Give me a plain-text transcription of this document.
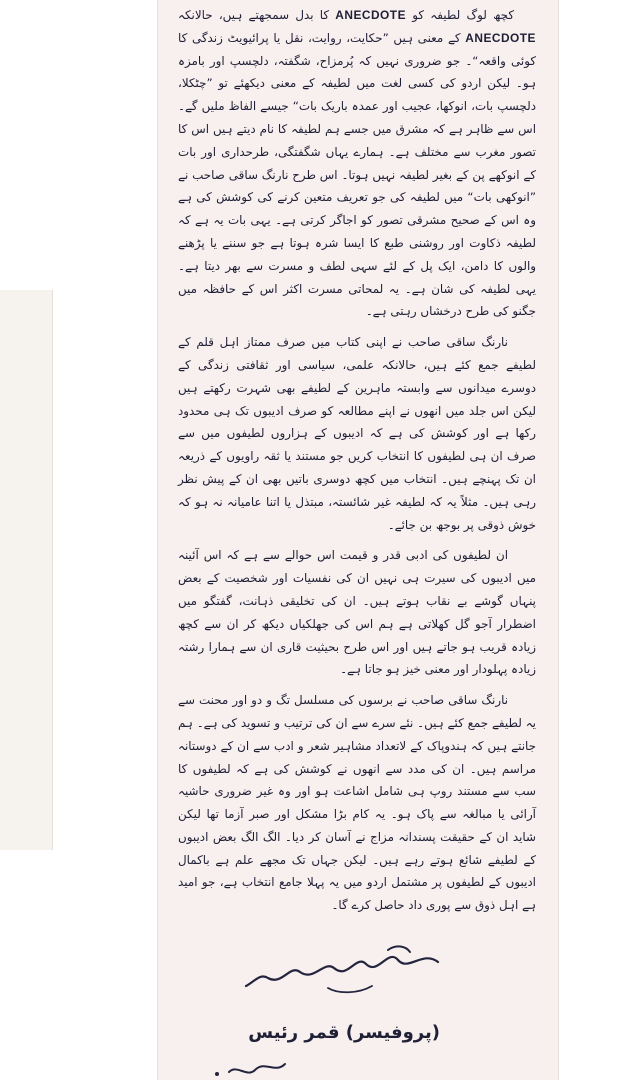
کچھ لوگ لطیفہ کو ANECDOTE کا بدل سمجھتے ہیں، حالانکہ ANECDOTE کے معنی ہیں ”حکایت، روایت، نقل یا پرائیویٹ زندگی کا کوئی واقعہ“۔ جو ضروری نہیں کہ پُرمزاح، شگفتہ، دلچسپ اور بامزہ ہو۔ لیکن اردو کی کسی لغت میں لطیفہ کے معنی دیکھئے تو ”چٹکلا، دلچسپ بات، انوکھا، عجیب اور عمدہ باریک بات“ جیسے الفاظ ملیں گے۔ اس سے ظاہر ہے کہ مشرق میں جسے ہم لطیفہ کا نام دیتے ہیں اس کا تصور مغرب سے مختلف ہے۔ ہمارے یہاں شگفتگی، طرحداری اور بات کے انوکھے پن کے بغیر لطیفہ نہیں ہوتا۔ اس طرح نارنگ ساقی صاحب نے ”انوکھی بات“ میں لطیفہ کی جو تعریف متعین کرنے کی کوشش کی ہے وہ اس کے صحیح مشرقی تصور کو اجاگر کرتی ہے۔ یہی بات یہ ہے کہ لطیفہ ذکاوت اور روشنی طبع کا ایسا شرہ ہوتا ہے جو سننے یا پڑھنے والوں کا دامن، ایک پل کے لئے سہی لطف و مسرت سے بھر دیتا ہے۔ یہی لطیفہ کی شان ہے۔ یہ لمحاتی مسرت اکثر اس کے حافظہ میں جگنو کی طرح درخشاں رہتی ہے۔

نارنگ ساقی صاحب نے اپنی کتاب میں صرف ممتاز اہل قلم کے لطیفے جمع کئے ہیں، حالانکہ علمی، سیاسی اور ثقافتی زندگی کے دوسرے میدانوں سے وابستہ ماہرین کے لطیفے بھی شہرت رکھتے ہیں لیکن اس جلد میں انھوں نے اپنے مطالعہ کو صرف ادیبوں تک ہی محدود رکھا ہے اور کوشش کی ہے کہ ادیبوں کے ہزاروں لطیفوں میں سے صرف ان ہی لطیفوں کا انتخاب کریں جو مستند یا ثقہ راویوں کے ذریعہ ان تک پہنچے ہیں۔ انتخاب میں کچھ دوسری باتیں بھی ان کے پیش نظر رہی ہیں۔ مثلاً یہ کہ لطیفہ غیر شائستہ، مبتذل یا اتنا عامیانہ نہ ہو کہ خوش ذوقی پر بوجھ بن جائے۔

ان لطیفوں کی ادبی قدر و قیمت اس حوالے سے ہے کہ اس آئینہ میں ادیبوں کی سیرت ہی نہیں ان کی نفسیات اور شخصیت کے بعض پنہاں گوشے بے نقاب ہوتے ہیں۔ ان کی تخلیقی ذہانت، گفتگو میں اضطرار آجو گل کھلاتی ہے ہم اس کی جھلکیاں دیکھ کر ان سے کچھ زیادہ قریب ہو جاتے ہیں اور اس طرح بحیثیت قاری ان سے ہمارا رشتہ زیادہ پہلودار اور معنی خیز ہو جاتا ہے۔

نارنگ ساقی صاحب نے برسوں کی مسلسل تگ و دو اور محنت سے یہ لطیفے جمع کئے ہیں۔ نئے سرے سے ان کی ترتیب و تسوید کی ہے۔ ہم جانتے ہیں کہ ہندوپاک کے لاتعداد مشاہیر شعر و ادب سے ان کے دوستانہ مراسم ہیں۔ ان کی مدد سے انھوں نے کوشش کی ہے کہ لطیفوں کا سب سے مستند روپ ہی شامل اشاعت ہو اور وہ غیر ضروری حاشیہ آرائی یا مبالغہ سے پاک ہو۔ یہ کام بڑا مشکل اور صبر آزما تھا لیکن شاید ان کے حقیقت پسندانہ مزاج نے آسان کر دیا۔ الگ الگ بعض ادیبوں کے لطیفے شائع ہوتے رہے ہیں۔ لیکن جہاں تک مجھے علم ہے باکمال ادیبوں کے لطیفوں پر مشتمل اردو میں یہ پہلا جامع انتخاب ہے، جو امید ہے اہل ذوق سے پوری داد حاصل کرے گا۔

(پروفیسر) قمر رئیس
